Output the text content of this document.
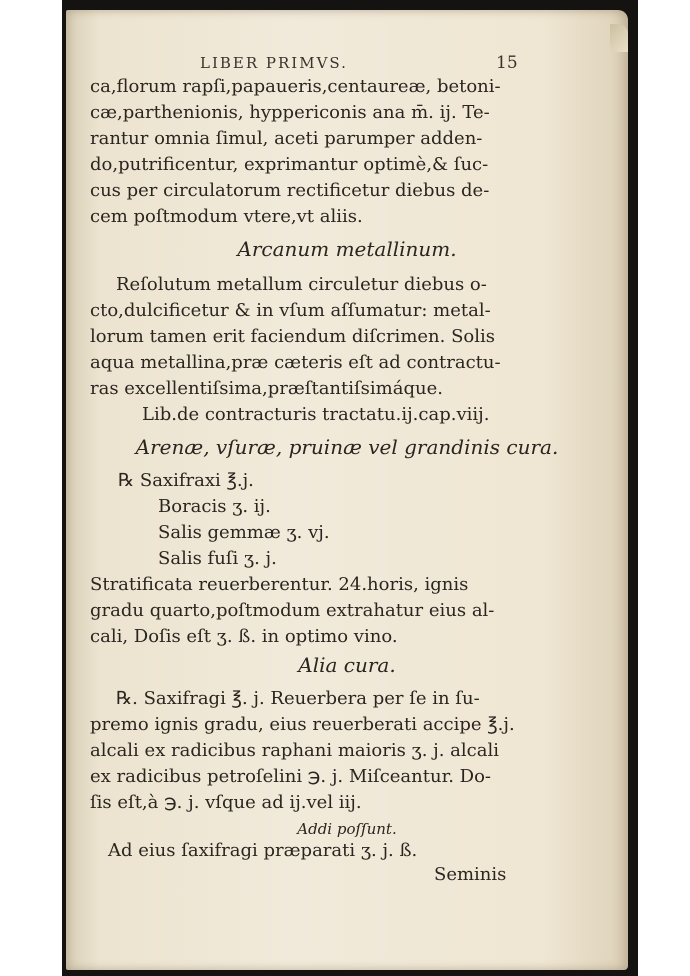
LIBER PRIMVS.	15
ca,florum rapſi,papaueris,centaureæ, betoni-
cæ,parthenionis, hyppericonis ana m̄. ij. Te-
rantur omnia ſimul, aceti parumper adden-
do,putrificentur, exprimantur optimè,& ſuc-
cus per circulatorum rectificetur diebus de-
cem poſtmodum vtere,vt aliis.
Arcanum metallinum.
Reſolutum metallum circuletur diebus o-
cto,dulcificetur & in vſum aſſumatur: metal-
lorum tamen erit faciendum diſcrimen. Solis
aqua metallina,præ cæteris eſt ad contractu-
ras excellentiſsima,præſtantiſsimáque.
Lib.de contracturis tractatu.ij.cap.viij.
Arenæ, vſuræ, pruinæ vel grandinis cura.
℞ Saxifraxi ℥.j.
Boracis ʒ. ij.
Salis gemmæ ʒ. vj.
Salis fuſi ʒ. j.
Stratificata reuerberentur. 24.horis, ignis
gradu quarto,poſtmodum extrahatur eius al-
cali, Doſis eſt ʒ. ß. in optimo vino.
Alia cura.
℞. Saxifragi ℥. j. Reuerbera per ſe in ſu-
premo ignis gradu, eius reuerberati accipe ℥.j.
alcali ex radicibus raphani maioris ʒ. j. alcali
ex radicibus petroſelini ℈. j. Miſceantur. Do-
ſis eſt,à ℈. j. vſque ad ij.vel iij.
Addi poſſunt.
Ad eius ſaxifragi præparati ʒ. j. ß.
Seminis
